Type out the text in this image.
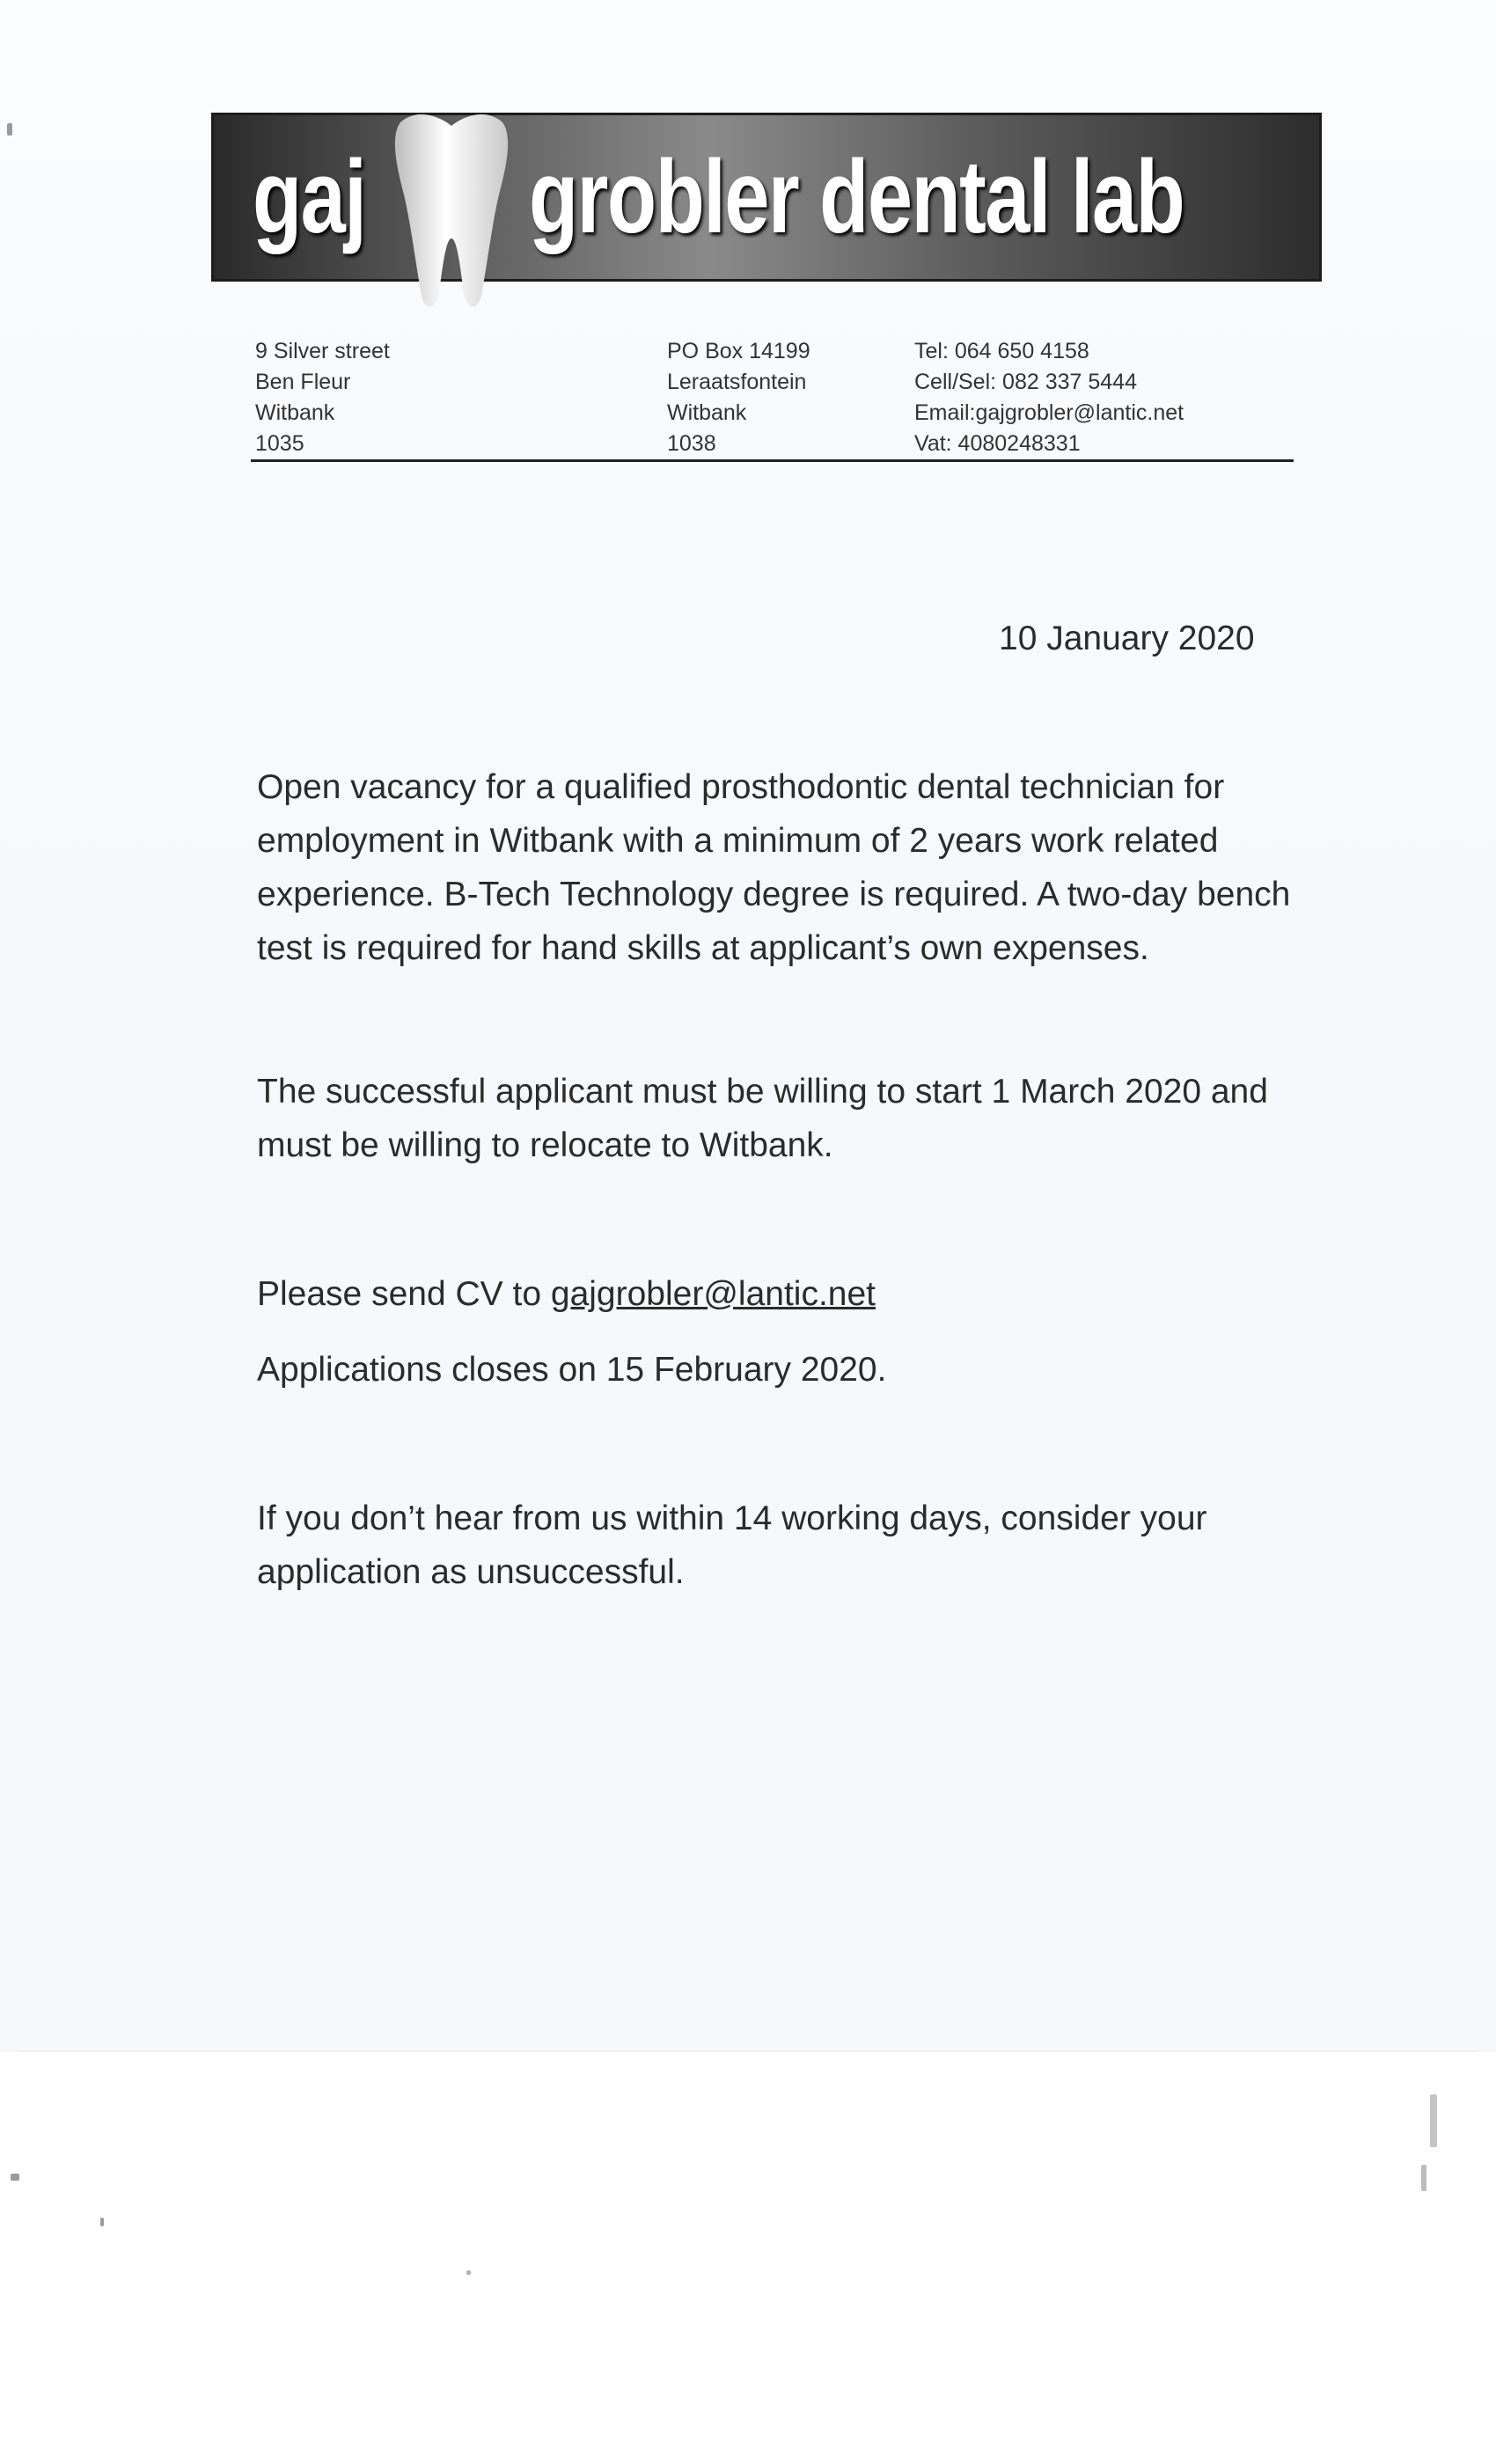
gaj grobler dental lab
9 Silver street
Ben Fleur
Witbank
1035
PO Box 14199
Leraatsfontein
Witbank
1038
Tel: 064 650 4158
Cell/Sel: 082 337 5444
Email:gajgrobler@lantic.net
Vat: 4080248331
10 January 2020
Open vacancy for a qualified prosthodontic dental technician for
employment in Witbank with a minimum of 2 years work related
experience. B-Tech Technology degree is required. A two-day bench
test is required for hand skills at applicant’s own expenses.
The successful applicant must be willing to start 1 March 2020 and
must be willing to relocate to Witbank.
Please send CV to gajgrobler@lantic.net
Applications closes on 15 February 2020.
If you don’t hear from us within 14 working days, consider your
application as unsuccessful.
